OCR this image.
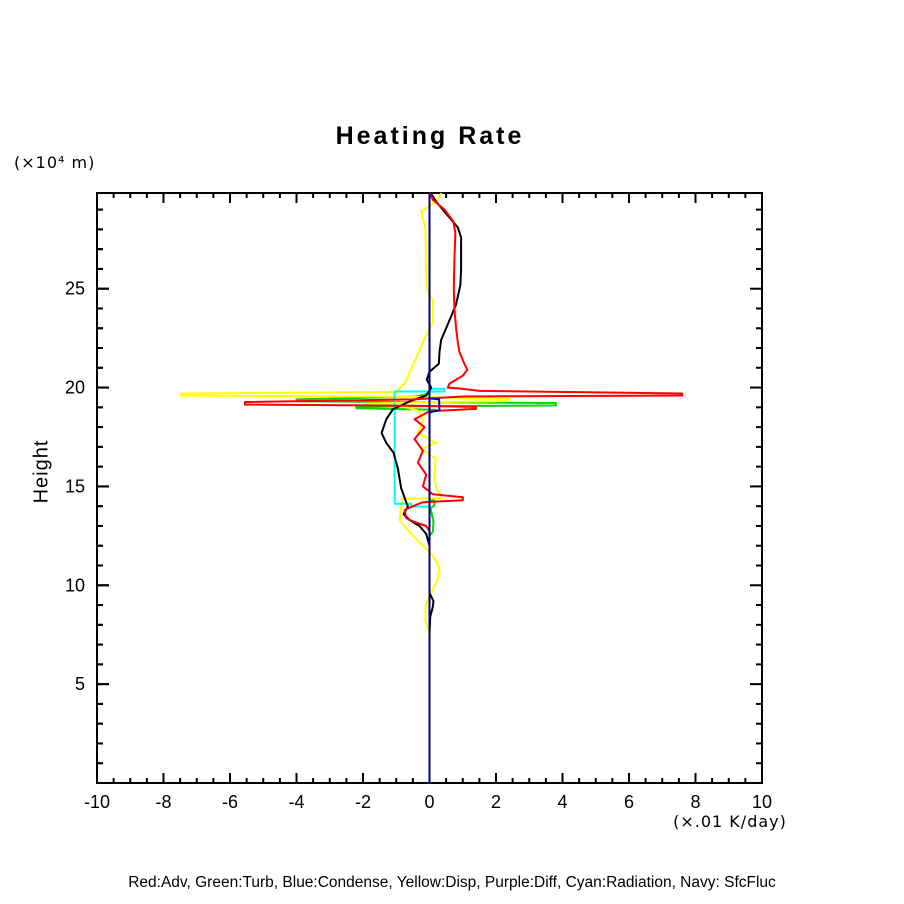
Heating Rate
(×10⁴ m)
Height
-10	-8	-6	-4	-2	0	2	4	6	8	10
5
10
15
20
25
(×.01 K/day)
Red:Adv, Green:Turb, Blue:Condense, Yellow:Disp, Purple:Diff, Cyan:Radiation, Navy: SfcFluc
